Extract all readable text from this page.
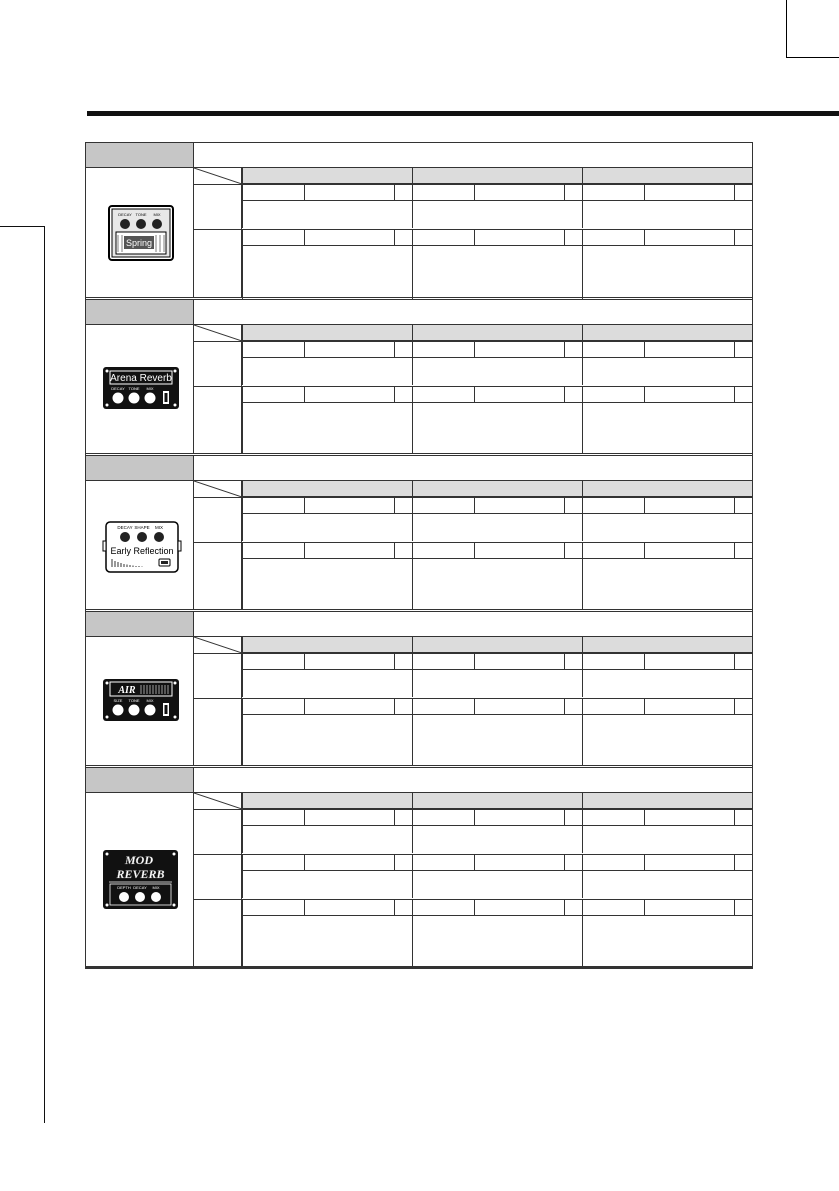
Spring
DECAY TONE MIX
Arena Reverb
DECAY TONE MIX
DECAY SHAPE MIX
Early Reflection
AIR
SIZE TONE MIX
MOD REVERB
DEPTH DECAY MIX
